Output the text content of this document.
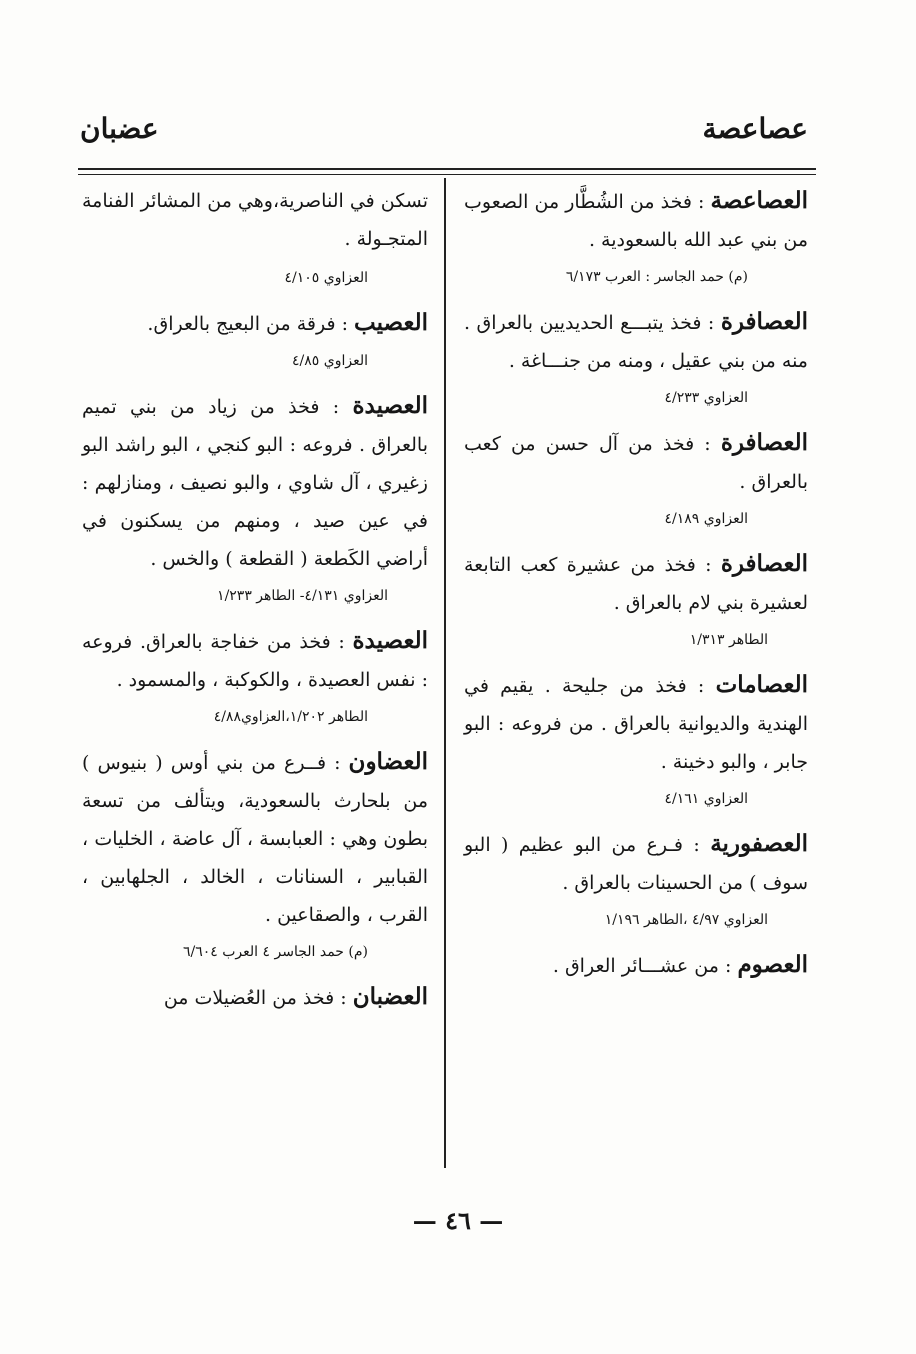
عصاعصة
عضبان
العصاعصة : فخذ من الشُطَّار من الصعوب من بني عبد الله بالسعودية .
(م) حمد الجاسر : العرب ٦/١٧٣
العصافرة : فخذ يتبـــع الحديديين بالعراق . منه من بني عقيل ، ومنه من جنـــاغة .
العزاوي ٤/٢٣٣
العصافرة : فخذ من آل حسن من كعب بالعراق .
العزاوي ٤/١٨٩
العصافرة : فخذ من عشيرة كعب التابعة لعشيرة بني لام بالعراق .
الطاهر ١/٣١٣
العصامات : فخذ من جليحة . يقيم في الهندية والديوانية بالعراق . من فروعه : البو جابر ، والبو دخينة .
العزاوي ٤/١٦١
العصفورية : فـرع من البو عظيم ( البو سوف ) من الحسينات بالعراق .
العزاوي ٤/٩٧ ،الطاهر ١/١٩٦
العصوم : من عشـــائر العراق .
تسكن في الناصرية،وهي من المشائر الفنامة المتجـولة .
العزاوي ٤/١٠٥
العصيب : فرقة من البعيج بالعراق.
العزاوي ٤/٨٥
العصيدة : فخذ من زياد من بني تميم بالعراق . فروعه : البو كنجي ، البو راشد البو زغيري ، آل شاوي ، والبو نصيف ، ومنازلهم : في عين صيد ، ومنهم من يسكنون في أراضي الكَطعة ( القطعة ) والخس .
العزاوي ٤/١٣١- الطاهر ١/٢٣٣
العصيدة : فخذ من خفاجة بالعراق. فروعه : نفس العصيدة ، والكوكبة ، والمسمود .
الطاهر ١/٢٠٢،العزاوي٤/٨٨
العضاون : فــرع من بني أوس ( بنيوس ) من بلحارث بالسعودية، ويتألف من تسعة بطون وهي : العبابسة ، آل عاضة ، الخليات ، القبابير ، السنانات ، الخالد ، الجلهابين ، القرب ، والصقاعين .
(م) حمد الجاسر ٤ العرب ٦/٦٠٤
العضبان : فخذ من العُضيلات من
— ٤٦ —
